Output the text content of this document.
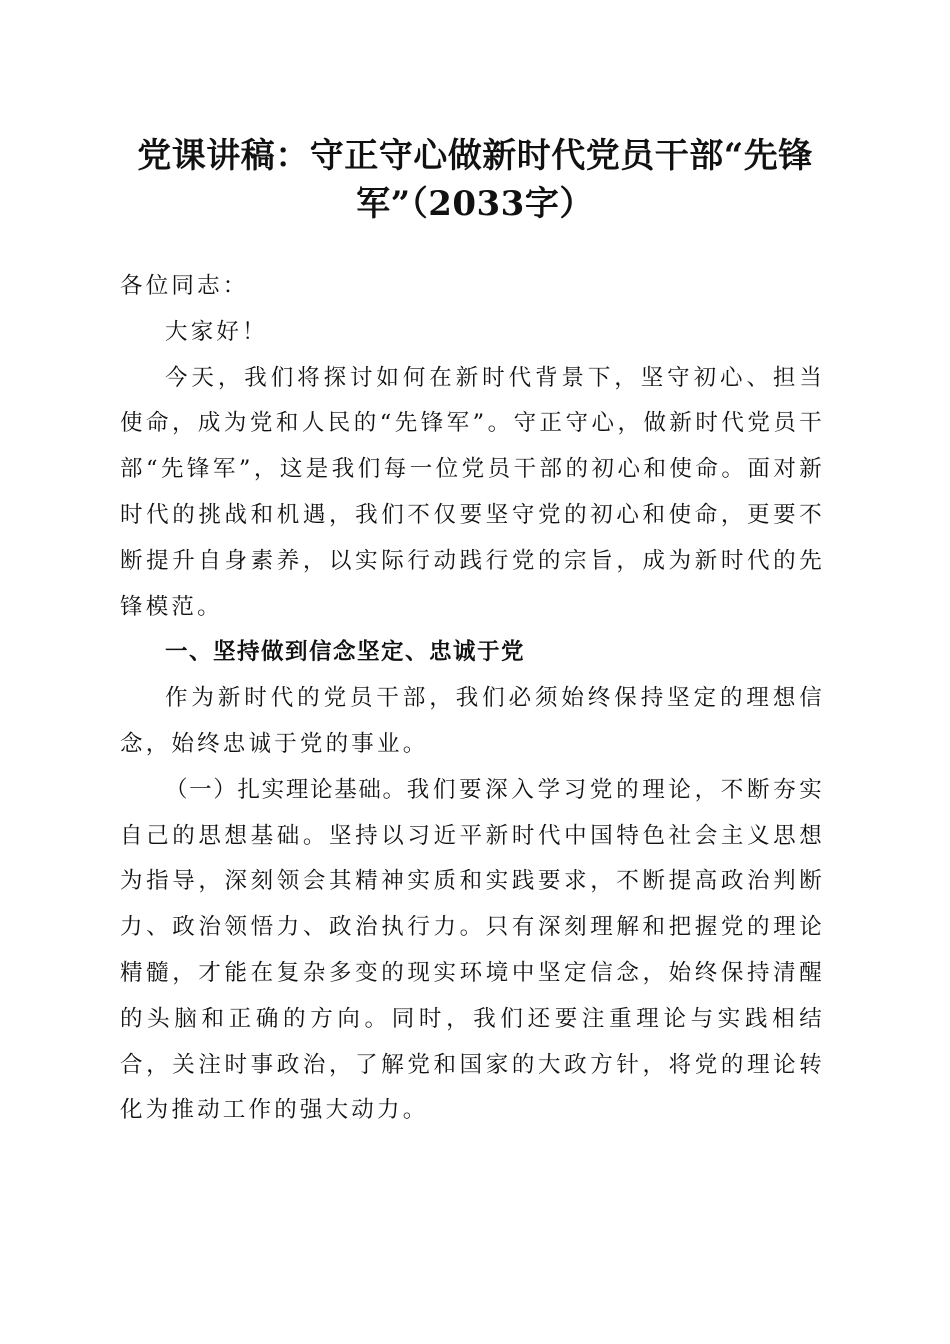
党课讲稿：守正守心做新时代党员干部“先锋军”（2033字）

各位同志：

大家好！

今天，我们将探讨如何在新时代背景下，坚守初心、担当使命，成为党和人民的“先锋军”。守正守心，做新时代党员干部“先锋军”，这是我们每一位党员干部的初心和使命。面对新时代的挑战和机遇，我们不仅要坚守党的初心和使命，更要不断提升自身素养，以实际行动践行党的宗旨，成为新时代的先锋模范。

一、坚持做到信念坚定、忠诚于党

作为新时代的党员干部，我们必须始终保持坚定的理想信念，始终忠诚于党的事业。

（一）扎实理论基础。我们要深入学习党的理论，不断夯实自己的思想基础。坚持以习近平新时代中国特色社会主义思想为指导，深刻领会其精神实质和实践要求，不断提高政治判断力、政治领悟力、政治执行力。只有深刻理解和把握党的理论精髓，才能在复杂多变的现实环境中坚定信念，始终保持清醒的头脑和正确的方向。同时，我们还要注重理论与实践相结合，关注时事政治，了解党和国家的大政方针，将党的理论转化为推动工作的强大动力。
